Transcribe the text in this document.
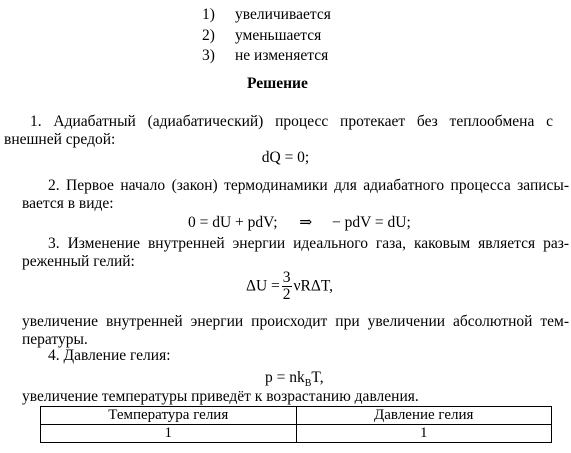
1) увеличивается
2) уменьшается
3) не изменяется
Решение
1. Адиабатный (адиабатический) процесс протекает без теплообмена с
внешней средой:
dQ = 0;
2. Первое начало (закон) термодинамики для адиабатного процесса записы-
вается в виде:
0 = dU + pdV; ⇒ − pdV = dU;
3. Изменение внутренней энергии идеального газа, каковым является раз-
реженный гелий:
$\Delta U = \frac{3}{2} \nu R\Delta T$,
увеличение внутренней энергии происходит при увеличении абсолютной тем-
пературы.
4. Давление гелия:
$p = nk_BT$,
увеличение температуры приведёт к возрастанию давления.
Температура гелия	Давление гелия
1	1
